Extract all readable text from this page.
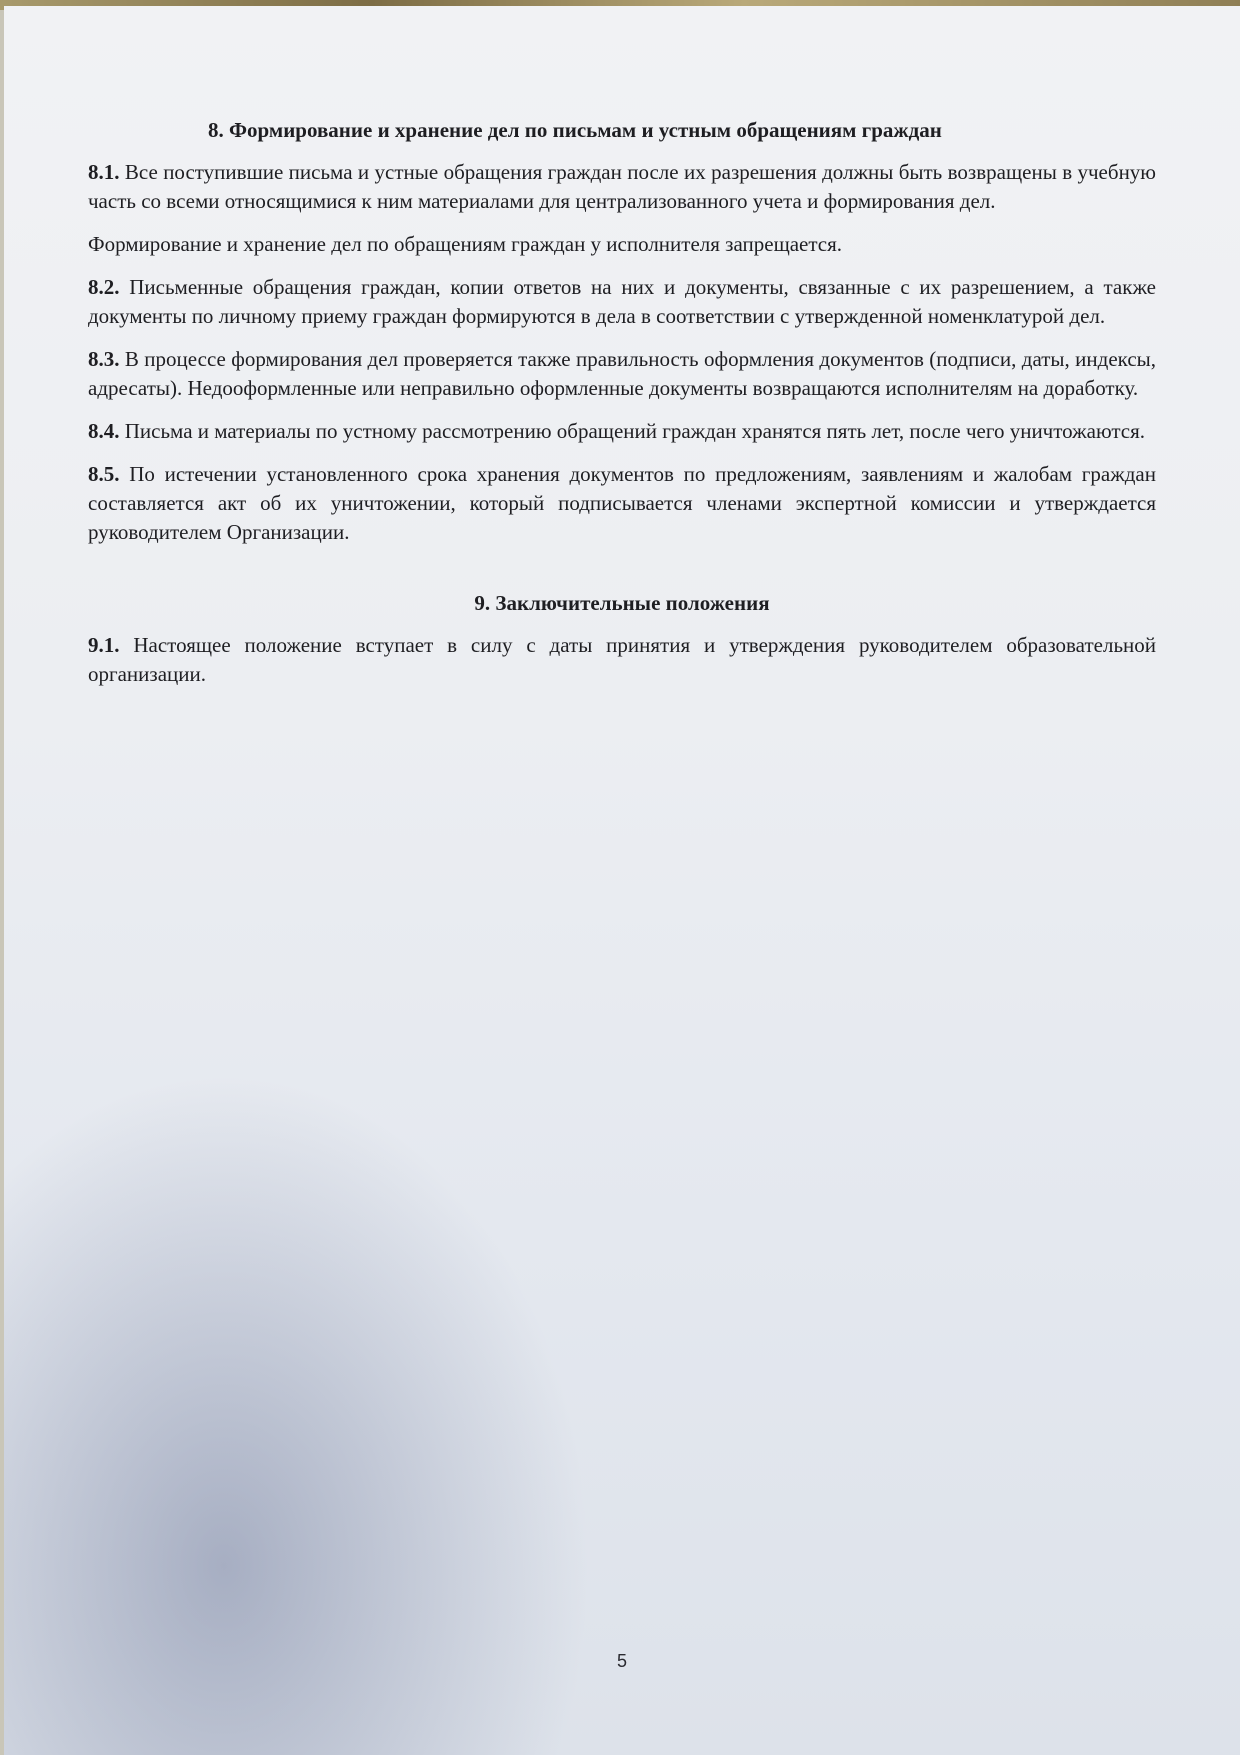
8. Формирование и хранение дел по письмам и устным обращениям граждан

8.1. Все поступившие письма и устные обращения граждан после их разрешения должны быть возвращены в учебную часть со всеми относящимися к ним материалами для централизованного учета и формирования дел.

Формирование и хранение дел по обращениям граждан у исполнителя запрещается.

8.2. Письменные обращения граждан, копии ответов на них и документы, связанные с их разрешением, а также документы по личному приему граждан формируются в дела в соответствии с утвержденной номенклатурой дел.

8.3. В процессе формирования дел проверяется также правильность оформления документов (подписи, даты, индексы, адресаты). Недооформленные или неправильно оформленные документы возвращаются исполнителям на доработку.

8.4. Письма и материалы по устному рассмотрению обращений граждан хранятся пять лет, после чего уничтожаются.

8.5. По истечении установленного срока хранения документов по предложениям, заявлениям и жалобам граждан составляется акт об их уничтожении, который подписывается членами экспертной комиссии и утверждается руководителем Организации.

9. Заключительные положения

9.1. Настоящее положение вступает в силу с даты принятия и утверждения руководителем образовательной организации.

5
